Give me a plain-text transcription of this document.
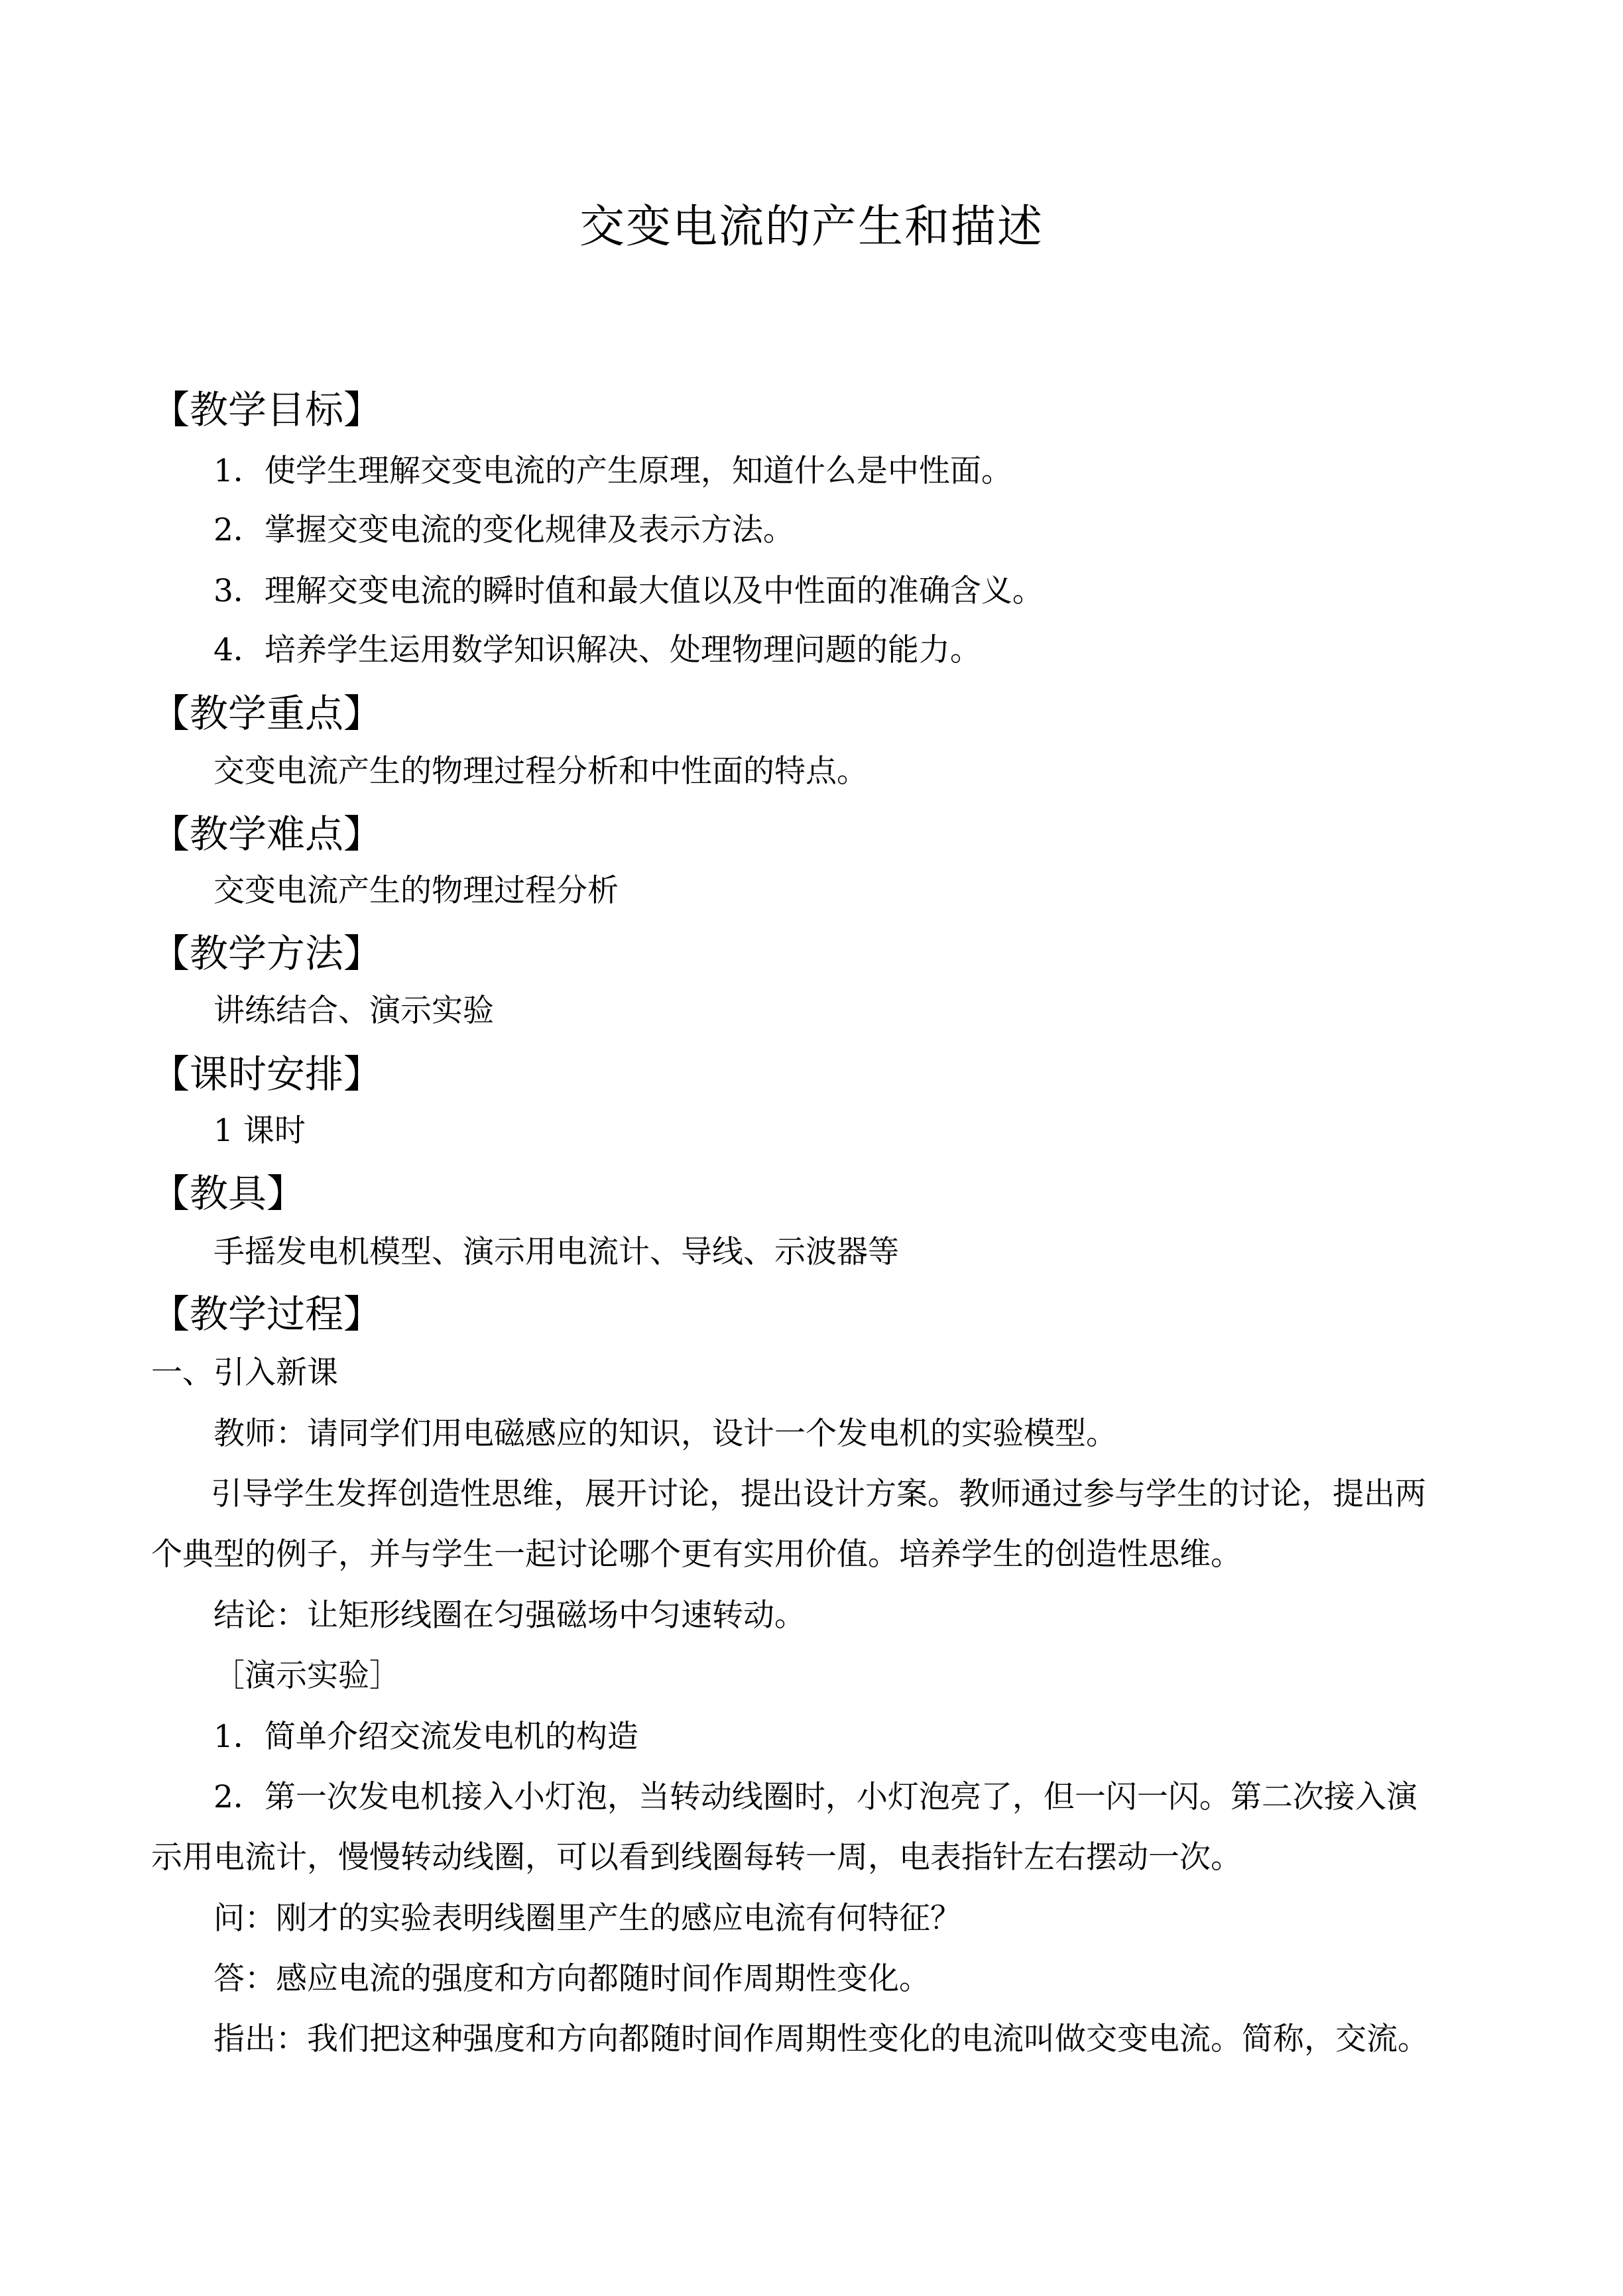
交变电流的产生和描述
【教学目标】
1．使学生理解交变电流的产生原理，知道什么是中性面。
2．掌握交变电流的变化规律及表示方法。
3．理解交变电流的瞬时值和最大值以及中性面的准确含义。
4．培养学生运用数学知识解决、处理物理问题的能力。
【教学重点】
交变电流产生的物理过程分析和中性面的特点。
【教学难点】
交变电流产生的物理过程分析
【教学方法】
讲练结合、演示实验
【课时安排】
1 课时
【教具】
手摇发电机模型、演示用电流计、导线、示波器等
【教学过程】
一、引入新课
教师：请同学们用电磁感应的知识，设计一个发电机的实验模型。
引导学生发挥创造性思维，展开讨论，提出设计方案。教师通过参与学生的讨论，提出两
个典型的例子，并与学生一起讨论哪个更有实用价值。培养学生的创造性思维。
结论：让矩形线圈在匀强磁场中匀速转动。
［演示实验］
1．简单介绍交流发电机的构造
2．第一次发电机接入小灯泡，当转动线圈时，小灯泡亮了，但一闪一闪。第二次接入演
示用电流计，慢慢转动线圈，可以看到线圈每转一周，电表指针左右摆动一次。
问：刚才的实验表明线圈里产生的感应电流有何特征？
答：感应电流的强度和方向都随时间作周期性变化。
指出：我们把这种强度和方向都随时间作周期性变化的电流叫做交变电流。简称，交流。
